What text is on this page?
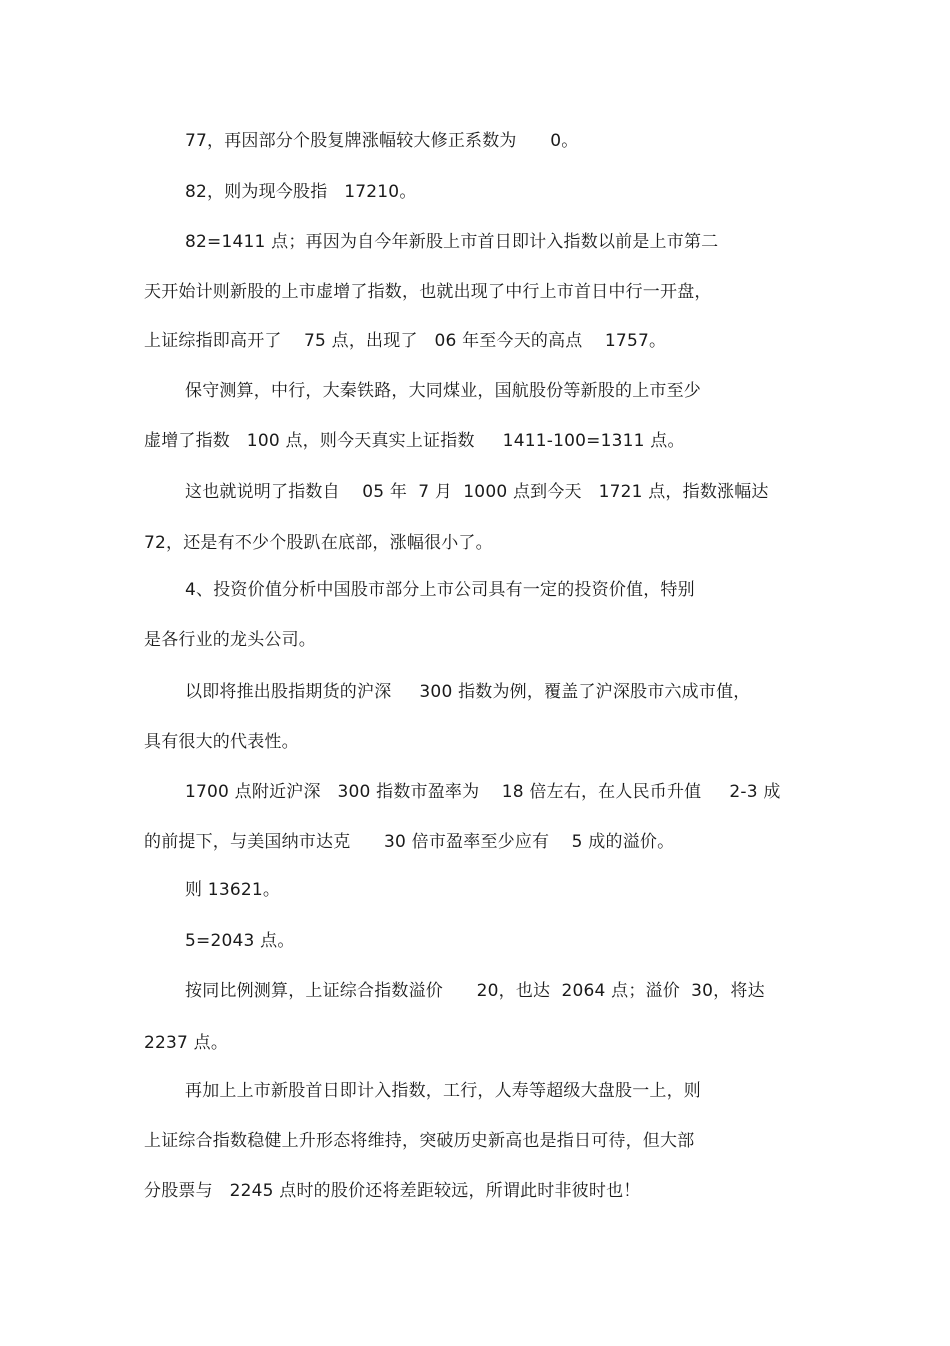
77，再因部分个股复牌涨幅较大修正系数为      0。
82，则为现今股指   17210。
82=1411 点；再因为自今年新股上市首日即计入指数以前是上市第二
天开始计则新股的上市虚增了指数，也就出现了中行上市首日中行一开盘，
上证综指即高开了    75 点，出现了   06 年至今天的高点    1757。
保守测算，中行，大秦铁路，大同煤业，国航股份等新股的上市至少
虚增了指数   100 点，则今天真实上证指数     1411-100=1311 点。
这也就说明了指数自    05 年  7 月  1000 点到今天   1721 点，指数涨幅达
72，还是有不少个股趴在底部，涨幅很小了。
4、投资价值分析中国股市部分上市公司具有一定的投资价值，特别
是各行业的龙头公司。
以即将推出股指期货的沪深     300 指数为例，覆盖了沪深股市六成市值，
具有很大的代表性。
1700 点附近沪深   300 指数市盈率为    18 倍左右，在人民币升值     2-3 成
的前提下，与美国纳市达克      30 倍市盈率至少应有    5 成的溢价。
则 13621。
5=2043 点。
按同比例测算，上证综合指数溢价      20，也达  2064 点；溢价  30，将达
2237 点。
再加上上市新股首日即计入指数，工行，人寿等超级大盘股一上，则
上证综合指数稳健上升形态将维持，突破历史新高也是指日可待，但大部
分股票与   2245 点时的股价还将差距较远，所谓此时非彼时也！
